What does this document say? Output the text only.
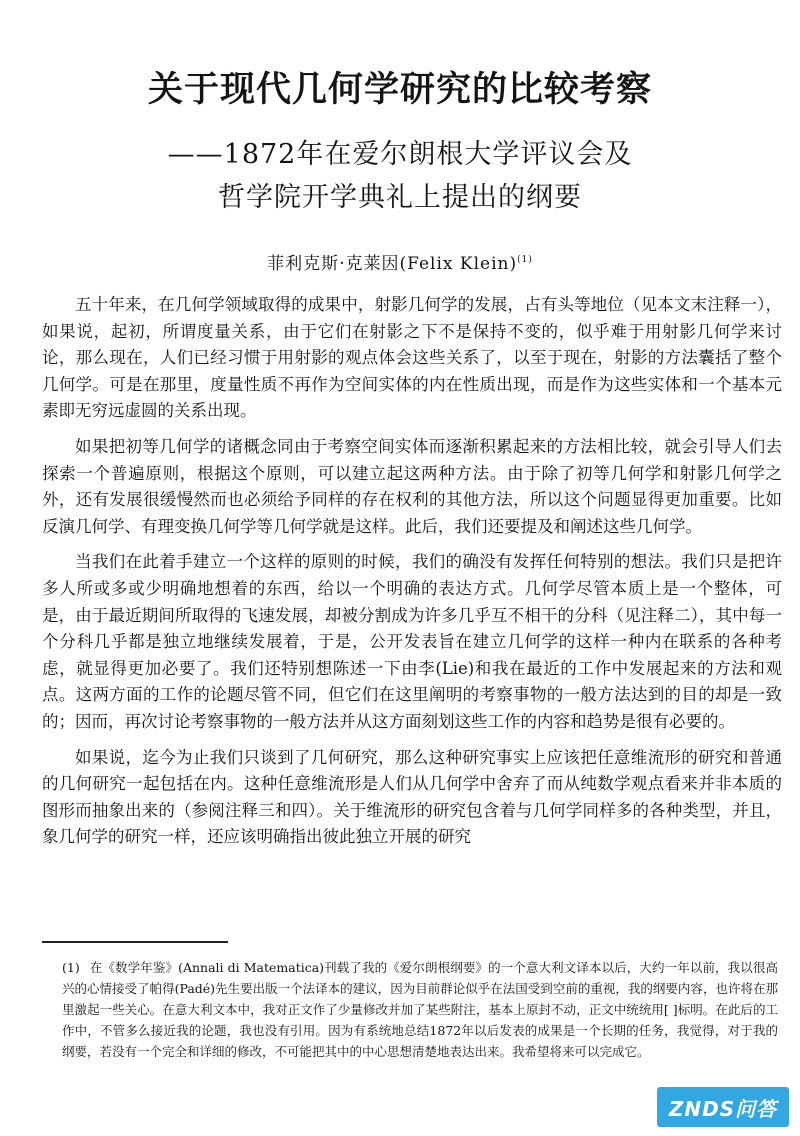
关于现代几何学研究的比较考察
——1872年在爱尔朗根大学评议会及
哲学院开学典礼上提出的纲要
菲利克斯·克莱因(Felix Klein)$^{(1)}$

五十年来，在几何学领域取得的成果中，射影几何学的发展，占有头等地位（见本文末注释一），如果说，起初，所谓度量关系，由于它们在射影之下不是保持不变的，似乎难于用射影几何学来讨论，那么现在，人们已经习惯于用射影的观点体会这些关系了，以至于现在，射影的方法囊括了整个几何学。可是在那里，度量性质不再作为空间实体的内在性质出现，而是作为这些实体和一个基本元素即无穷远虚圆的关系出现。

如果把初等几何学的诸概念同由于考察空间实体而逐渐积累起来的方法相比较，就会引导人们去探索一个普遍原则，根据这个原则，可以建立起这两种方法。由于除了初等几何学和射影几何学之外，还有发展很缓慢然而也必须给予同样的存在权利的其他方法，所以这个问题显得更加重要。比如反演几何学、有理变换几何学等几何学就是这样。此后，我们还要提及和阐述这些几何学。

当我们在此着手建立一个这样的原则的时候，我们的确没有发挥任何特别的想法。我们只是把许多人所或多或少明确地想着的东西，给以一个明确的表达方式。几何学尽管本质上是一个整体，可是，由于最近期间所取得的飞速发展，却被分割成为许多几乎互不相干的分科（见注释二），其中每一个分科几乎都是独立地继续发展着，于是，公开发表旨在建立几何学的这样一种内在联系的各种考虑，就显得更加必要了。我们还特别想陈述一下由李(Lie)和我在最近的工作中发展起来的方法和观点。这两方面的工作的论题尽管不同，但它们在这里阐明的考察事物的一般方法达到的目的却是一致的；因而，再次讨论考察事物的一般方法并从这方面刻划这些工作的内容和趋势是很有必要的。

如果说，迄今为止我们只谈到了几何研究，那么这种研究事实上应该把任意维流形的研究和普通的几何研究一起包括在内。这种任意维流形是人们从几何学中舍弃了而从纯数学观点看来并非本质的图形而抽象出来的（参阅注释三和四）。关于维流形的研究包含着与几何学同样多的各种类型，并且，象几何学的研究一样，还应该明确指出彼此独立开展的研究

(1) 在《数学年鉴》(Annali di Matematica)刊载了我的《爱尔朗根纲要》的一个意大利文译本以后，大约一年以前，我以很高兴的心情接受了帕得(Padé)先生要出版一个法译本的建议，因为目前群论似乎在法国受到空前的重视，我的纲要内容，也许将在那里激起一些关心。在意大利文本中，我对正文作了少量修改并加了某些附注，基本上原封不动，正文中统统用[ ]标明。在此后的工作中，不管多么接近我的论题，我也没有引用。因为有系统地总结1872年以后发表的成果是一个长期的任务，我觉得，对于我的纲要，若没有一个完全和详细的修改，不可能把其中的中心思想清楚地表达出来。我希望将来可以完成它。
ZNDS问答
